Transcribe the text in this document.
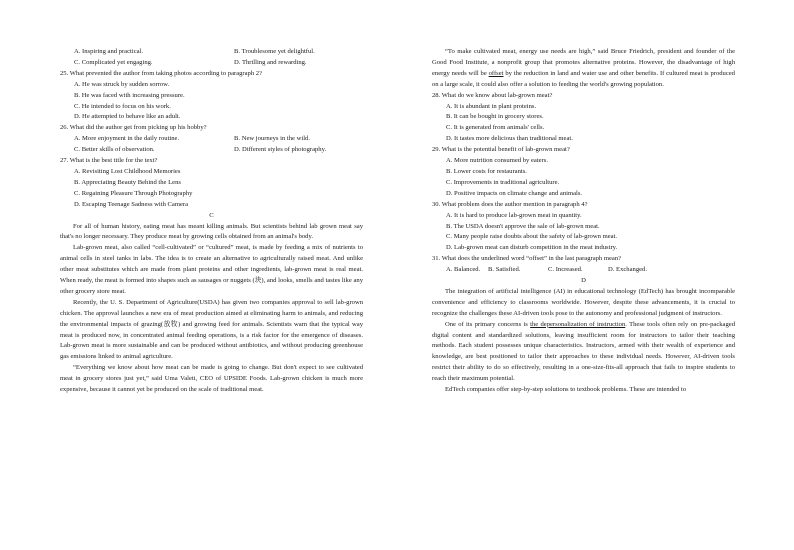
A. Inspiring and practical.	B. Troublesome yet delightful.
C. Complicated yet engaging.	D. Thrilling and rewarding.
25. What prevented the author from taking photos according to paragraph 2?
A. He was struck by sudden sorrow.
B. He was faced with increasing pressure.
C. He intended to focus on his work.
D. He attempted to behave like an adult.
26. What did the author get from picking up his hobby?
A. More enjoyment in the daily routine.	B. New journeys in the wild.
C. Better skills of observation.	D. Different styles of photography.
27. What is the best title for the text?
A. Revisiting Lost Childhood Memories
B. Appreciating Beauty Behind the Lens
C. Regaining Pleasure Through Photography
D. Escaping Teenage Sadness with Camera
C

For all of human history, eating meat has meant killing animals. But scientists behind lab grown meat say that's no longer necessary. They produce meat by growing cells obtained from an animal's body.

Lab-grown meat, also called “cell-cultivated” or “cultured” meat, is made by feeding a mix of nutrients to animal cells in steel tanks in labs. The idea is to create an alternative to agriculturally raised meat. And unlike other meat substitutes which are made from plant proteins and other ingredients, lab-grown meat is real meat. When ready, the meat is formed into shapes such as sausages or nuggets (块), and looks, smells and tastes like any other grocery store meat.

Recently, the U. S. Department of Agriculture(USDA) has given two companies approval to sell lab-grown chicken. The approval launches a new era of meat production aimed at eliminating harm to animals, and reducing the environmental impacts of grazing(放牧) and growing feed for animals. Scientists warn that the typical way meat is produced now, in concentrated animal feeding operations, is a risk factor for the emergence of diseases. Lab-grown meat is more sustainable and can be produced without antibiotics, and without producing greenhouse gas emissions linked to animal agriculture.

“Everything we know about how meat can be made is going to change. But don't expect to see cultivated meat in grocery stores just yet,” said Uma Valeti, CEO of UPSIDE Foods. Lab-grown chicken is much more expensive, because it cannot yet be produced on the scale of traditional meat.

“To make cultivated meat, energy use needs are high,” said Bruce Friedrich, president and founder of the Good Food Institute, a nonprofit group that promotes alternative proteins. However, the disadvantage of high energy needs will be offset by the reduction in land and water use and other benefits. If cultured meat is produced on a large scale, it could also offer a solution to feeding the world's growing population.

28. What do we know about lab-grown meat?
A. It is abundant in plant proteins.
B. It can be bought in grocery stores.
C. It is generated from animals' cells.
D. It tastes more delicious than traditional meat.
29. What is the potential benefit of lab-grown meat?
A. More nutrition consumed by eaters.
B. Lower costs for restaurants.
C. Improvements in traditional agriculture.
D. Positive impacts on climate change and animals.
30. What problem does the author mention in paragraph 4?
A. It is hard to produce lab-grown meat in quantity.
B. The USDA doesn't approve the sale of lab-grown meat.
C. Many people raise doubts about the safety of lab-grown meat.
D. Lab-grown meat can disturb competition in the meat industry.
31. What does the underlined word “offset” in the last paragraph mean?
A. Balanced.	B. Satisfied.	C. Increased.	D. Exchanged.
D

The integration of artificial intelligence (AI) in educational technology (EdTech) has brought incomparable convenience and efficiency to classrooms worldwide. However, despite these advancements, it is crucial to recognize the challenges these AI-driven tools pose to the autonomy and professional judgment of instructors.

One of its primary concerns is the depersonalization of instruction. These tools often rely on pre-packaged digital content and standardized solutions, leaving insufficient room for instructors to tailor their teaching methods. Each student possesses unique characteristics. Instructors, armed with their wealth of experience and knowledge, are best positioned to tailor their approaches to these individual needs. However, AI-driven tools restrict their ability to do so effectively, resulting in a one-size-fits-all approach that fails to inspire students to reach their maximum potential.

EdTech companies offer step-by-step solutions to textbook problems. These are intended to
